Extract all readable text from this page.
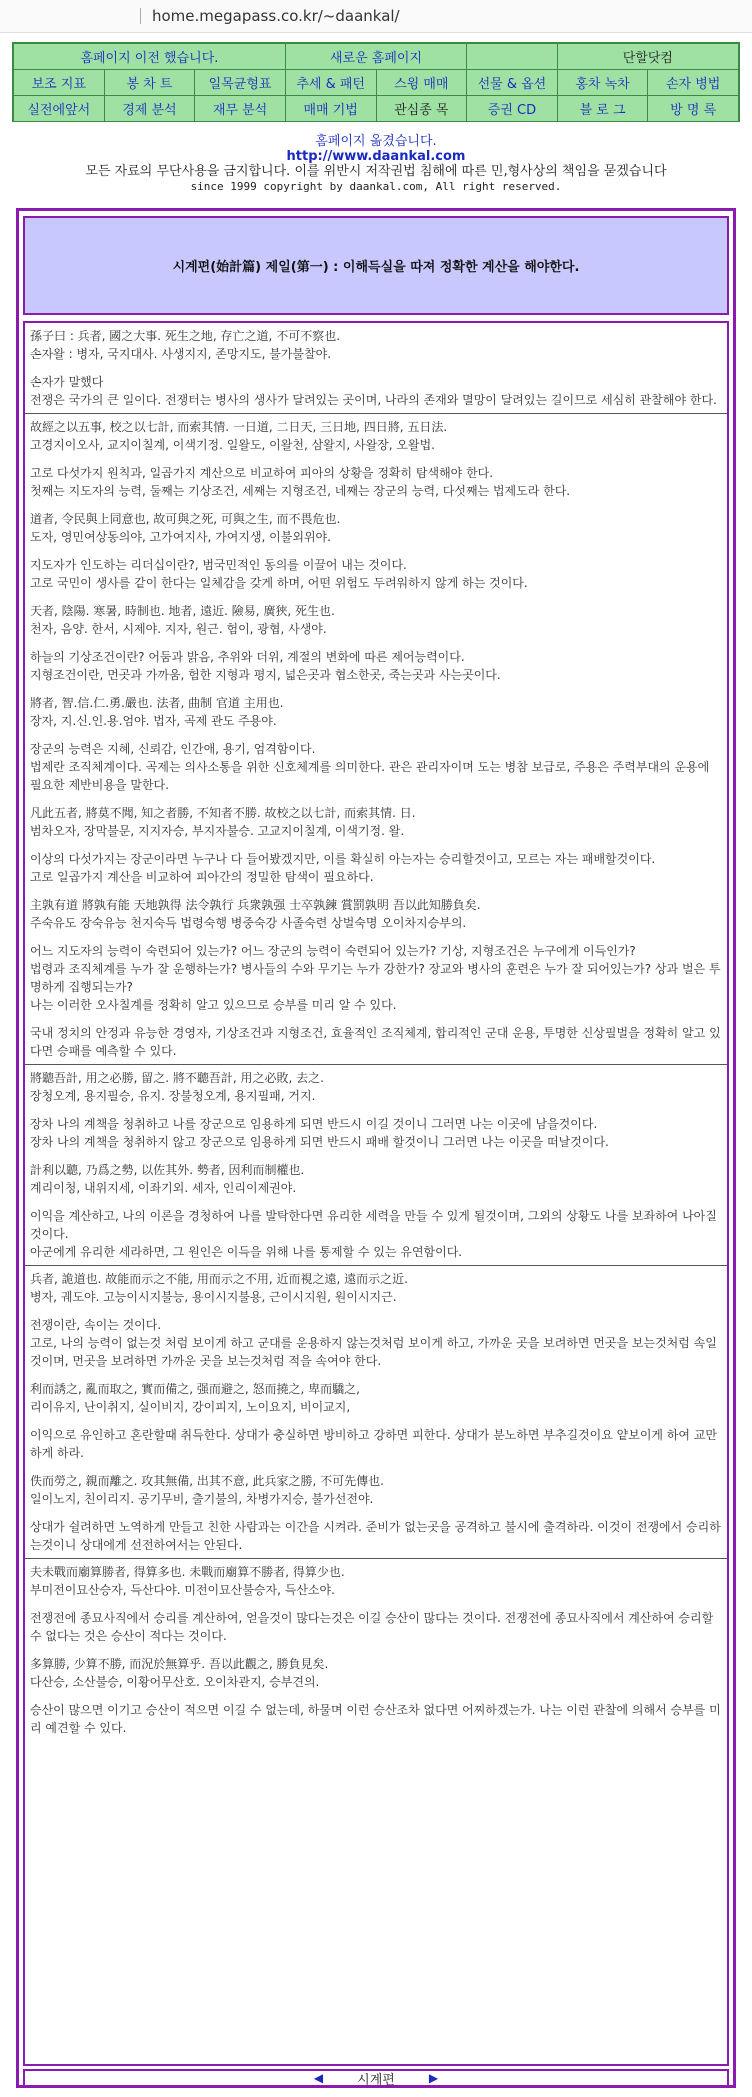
home.megapass.co.kr/~daankal/
홈페이지 이전 했습니다.			새로운 홈페이지			단할닷컴	
보조 지표	봉 차 트	일목균형표	추세 & 패턴	스윙 매매	선물 & 옵션	홍차 녹차	손자 병법
실전에앞서	경제 분석	재무 분석	매매 기법	관심종 목	증권 CD	블 로 그	방 명 록
홈페이지 옮겼습니다.
http://www.daankal.com
모든 자료의 무단사용을 금지합니다. 이를 위반시 저작권법 침해에 따른 민,형사상의 책임을 묻겠습니다
since 1999 copyright by daankal.com, All right reserved.
시계편(始計篇) 제일(第一) : 이해득실을 따져 정확한 계산을 해야한다.

孫子曰 : 兵者, 國之大事. 死生之地, 存亡之道, 不可不察也.
손자왈 : 병자, 국지대사. 사생지지, 존망지도, 불가불찰야.

손자가 말했다
전쟁은 국가의 큰 일이다. 전쟁터는 병사의 생사가 달려있는 곳이며, 나라의 존재와 멸망이 달려있는 길이므로 세심히 관찰해야 한다.

故經之以五事, 校之以七計, 而索其情. 一日道, 二日天, 三日地, 四日將, 五日法.
고경지이오사, 교지이칠계, 이색기정. 일왈도, 이왈천, 삼왈지, 사왈장, 오왈법.

고로 다섯가지 원칙과, 일곱가지 계산으로 비교하여 피아의 상황을 정확히 탐색해야 한다.
첫째는 지도자의 능력, 둘째는 기상조건, 세째는 지형조건, 네째는 장군의 능력, 다섯째는 법제도라 한다.

道者, 令民與上同意也, 故可與之死, 可與之生, 而不畏危也.
도자, 영민여상동의야, 고가여지사, 가여지생, 이불외위야.

지도자가 인도하는 리더십이란?, 범국민적인 동의를 이끌어 내는 것이다.
고로 국민이 생사를 같이 한다는 일체감을 갖게 하며, 어떤 위험도 두려워하지 않게 하는 것이다.

天者, 陰陽. 寒暑, 時制也. 地者, 遠近. 險易, 廣狹, 死生也.
천자, 음양. 한서, 시제야. 지자, 원근. 험이, 광협, 사생야.

하늘의 기상조건이란? 어둠과 밝음, 추위와 더위, 계절의 변화에 따른 제어능력이다.
지형조건이란, 먼곳과 가까움, 험한 지형과 평지, 넓은곳과 협소한곳, 죽는곳과 사는곳이다.

將者, 智.信.仁.勇.嚴也. 法者, 曲制 官道 主用也.
장자, 지.신.인.용.엄야. 법자, 곡제 관도 주용야.

장군의 능력은 지혜, 신뢰감, 인간애, 용기, 엄격함이다.
법제란 조직체계이다. 곡제는 의사소통을 위한 신호체계를 의미한다. 관은 관리자이며 도는 병참 보급로, 주용은 주력부대의 운용에 필요한 제반비용을 말한다.

凡此五者, 將莫不聞, 知之者勝, 不知者不勝. 故校之以七計, 而索其情. 日.
범차오자, 장막불문, 지지자승, 부지자불승. 고교지이칠계, 이색기정. 왈.

이상의 다섯가지는 장군이라면 누구나 다 들어봤겠지만, 이를 확실히 아는자는 승리할것이고, 모르는 자는 패배할것이다.
고로 일곱가지 계산을 비교하여 피아간의 정밀한 탐색이 필요하다.

主孰有道 將孰有能 天地孰得 法令孰行 兵衆孰强 士卒孰鍊 賞罰孰明 吾以此知勝負矣.
주숙유도 장숙유능 천지숙득 법령숙행 병중숙강 사졸숙련 상벌숙명 오이차지승부의.

어느 지도자의 능력이 숙련되어 있는가? 어느 장군의 능력이 숙련되어 있는가? 기상, 지형조건은 누구에게 이득인가?
법령과 조직체계를 누가 잘 운행하는가? 병사들의 수와 무기는 누가 강한가? 장교와 병사의 훈련은 누가 잘 되어있는가? 상과 벌은 투명하게 집행되는가?
나는 이러한 오사칠계를 정확히 알고 있으므로 승부를 미리 알 수 있다.

국내 정치의 안정과 유능한 경영자, 기상조건과 지형조건, 효율적인 조직체계, 합리적인 군대 운용, 투명한 신상필벌을 정확히 알고 있다면 승패를 예측할 수 있다.

將聽吾計, 用之必勝, 留之. 將不聽吾計, 用之必敗, 去之.
장청오계, 용지필승, 유지. 장불청오계, 용지필패, 거지.

장차 나의 계책을 청취하고 나를 장군으로 임용하게 되면 반드시 이길 것이니 그러면 나는 이곳에 남을것이다.
장차 나의 계책을 청취하지 않고 장군으로 임용하게 되면 반드시 패배 할것이니 그러면 나는 이곳을 떠날것이다.

計利以聽, 乃爲之勢, 以佐其外. 勢者, 因利而制權也.
계리이청, 내위지세, 이좌기외. 세자, 인리이제권야.

이익을 계산하고, 나의 이론을 경청하여 나를 발탁한다면 유리한 세력을 만들 수 있게 될것이며, 그외의 상황도 나를 보좌하여 나아질 것이다.
아군에게 유리한 세라하면, 그 원인은 이득을 위해 나를 통제할 수 있는 유연함이다.

兵者, 詭道也. 故能而示之不能, 用而示之不用, 近而視之遠, 遠而示之近.
병자, 궤도야. 고능이시지불능, 용이시지불용, 근이시지원, 원이시지근.

전쟁이란, 속이는 것이다.
고로, 나의 능력이 없는것 처럼 보이게 하고 군대를 운용하지 않는것처럼 보이게 하고, 가까운 곳을 보려하면 먼곳을 보는것처럼 속일것이며, 먼곳을 보려하면 가까운 곳을 보는것처럼 적을 속여야 한다.

利而誘之, 亂而取之, 實而備之, 强而避之, 怒而撓之, 卑而驕之,
리이유지, 난이취지, 실이비지, 강이피지, 노이요지, 비이교지,

이익으로 유인하고 혼란할때 취득한다. 상대가 충실하면 방비하고 강하면 피한다. 상대가 분노하면 부추길것이요 얕보이게 하여 교만하게 하라.

佚而勞之, 親而離之. 攻其無備, 出其不意, 此兵家之勝, 不可先傳也.
일이노지, 친이리지. 공기무비, 출기불의, 차병가지승, 불가선전야.

상대가 쉴려하면 노역하게 만들고 친한 사람과는 이간을 시켜라. 준비가 없는곳을 공격하고 불시에 출격하라. 이것이 전쟁에서 승리하는것이니 상대에게 선전하여서는 안된다.

夫未戰而廟算勝者, 得算多也. 未戰而廟算不勝者, 得算少也.
부미전이묘산승자, 득산다야. 미전이묘산불승자, 득산소야.

전쟁전에 종묘사직에서 승리를 계산하여, 얻을것이 많다는것은 이길 승산이 많다는 것이다. 전쟁전에 종묘사직에서 계산하여 승리할 수 없다는 것은 승산이 적다는 것이다.

多算勝, 少算不勝, 而況於無算乎. 吾以此觀之, 勝負見矣.
다산승, 소산불승, 이황어무산호. 오이차관지, 승부견의.

승산이 많으면 이기고 승산이 적으면 이길 수 없는데, 하물며 이런 승산조차 없다면 어찌하겠는가. 나는 이런 관찰에 의해서 승부를 미리 예견할 수 있다.

◀	시계편	▶
